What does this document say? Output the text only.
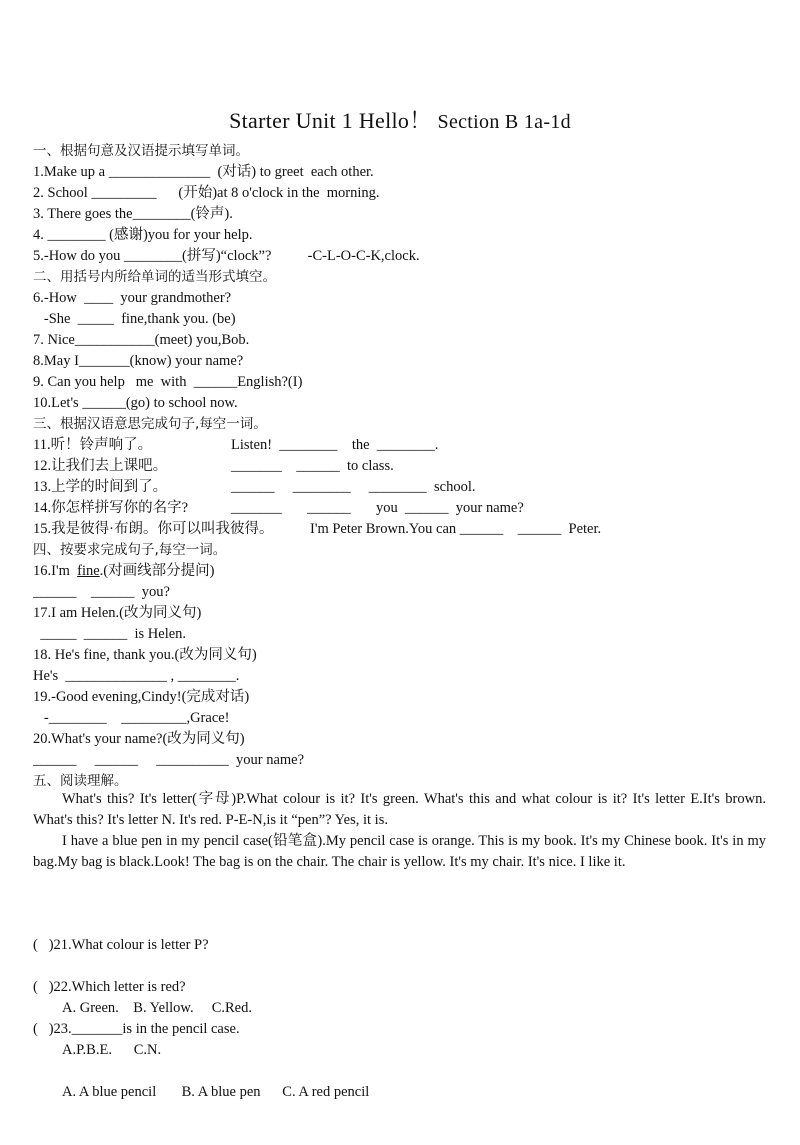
Starter Unit 1 Hello！ Section B 1a-1d
一、根据句意及汉语提示填写单词。
1.Make up a ______________  (对话) to greet  each other.
2. School _________      (开始)at 8 o'clock in the  morning.
3. There goes the________(铃声).
4. ________ (感谢)you for your help.
5.-How do you ________(拼写)“clock”?          -C-L-O-C-K,clock.
二、用括号内所给单词的适当形式填空。
6.-How  ____  your grandmother?
-She  _____  fine,thank you. (be)
7. Nice___________(meet) you,Bob.
8.May I_______(know) your name?
9. Can you help   me  with  ______English?(I)
10.Let's ______(go) to school now.
三、根据汉语意思完成句子,每空一词。
11.听！铃声响了。	Listen!  ________    the  ________.
12.让我们去上课吧。	_______    ______  to class.
13.上学的时间到了。	______     ________     ________  school.
14.你怎样拼写你的名字?	_______       ______       you  ______  your name?
15.我是彼得·布朗。你可以叫我彼得。	I'm Peter Brown.You can ______    ______  Peter.
四、按要求完成句子,每空一词。
16.I'm  fine.(对画线部分提问)
______    ______  you?
17.I am Helen.(改为同义句)
_____  ______  is Helen.
18. He's fine, thank you.(改为同义句)
He's  ______________ , ________.
19.-Good evening,Cindy!(完成对话)
-________    _________,Grace!
20.What's your name?(改为同义句)
______     ______     __________  your name?
五、阅读理解。

What's this? It's letter(字母)P.What colour is it? It's green. What's this and what colour is it? It's letter E.It's brown. What's this? It's letter N. It's red. P-E-N,is it “pen”? Yes, it is.

I have a blue pen in my pencil case(铅笔盒).My pencil case is orange. This is my book. It's my Chinese book. It's in my bag.My bag is black.Look! The bag is on the chair. The chair is yellow. It's my chair. It's nice. I like it.

(   )21.What colour is letter P?

A. Green.    B. Yellow.     C.Red.

(   )22.Which letter is red?

A.P.B.E.      C.N.

(   )23._______is in the pencil case.

A. A blue pencil       B. A blue pen      C. A red pencil
